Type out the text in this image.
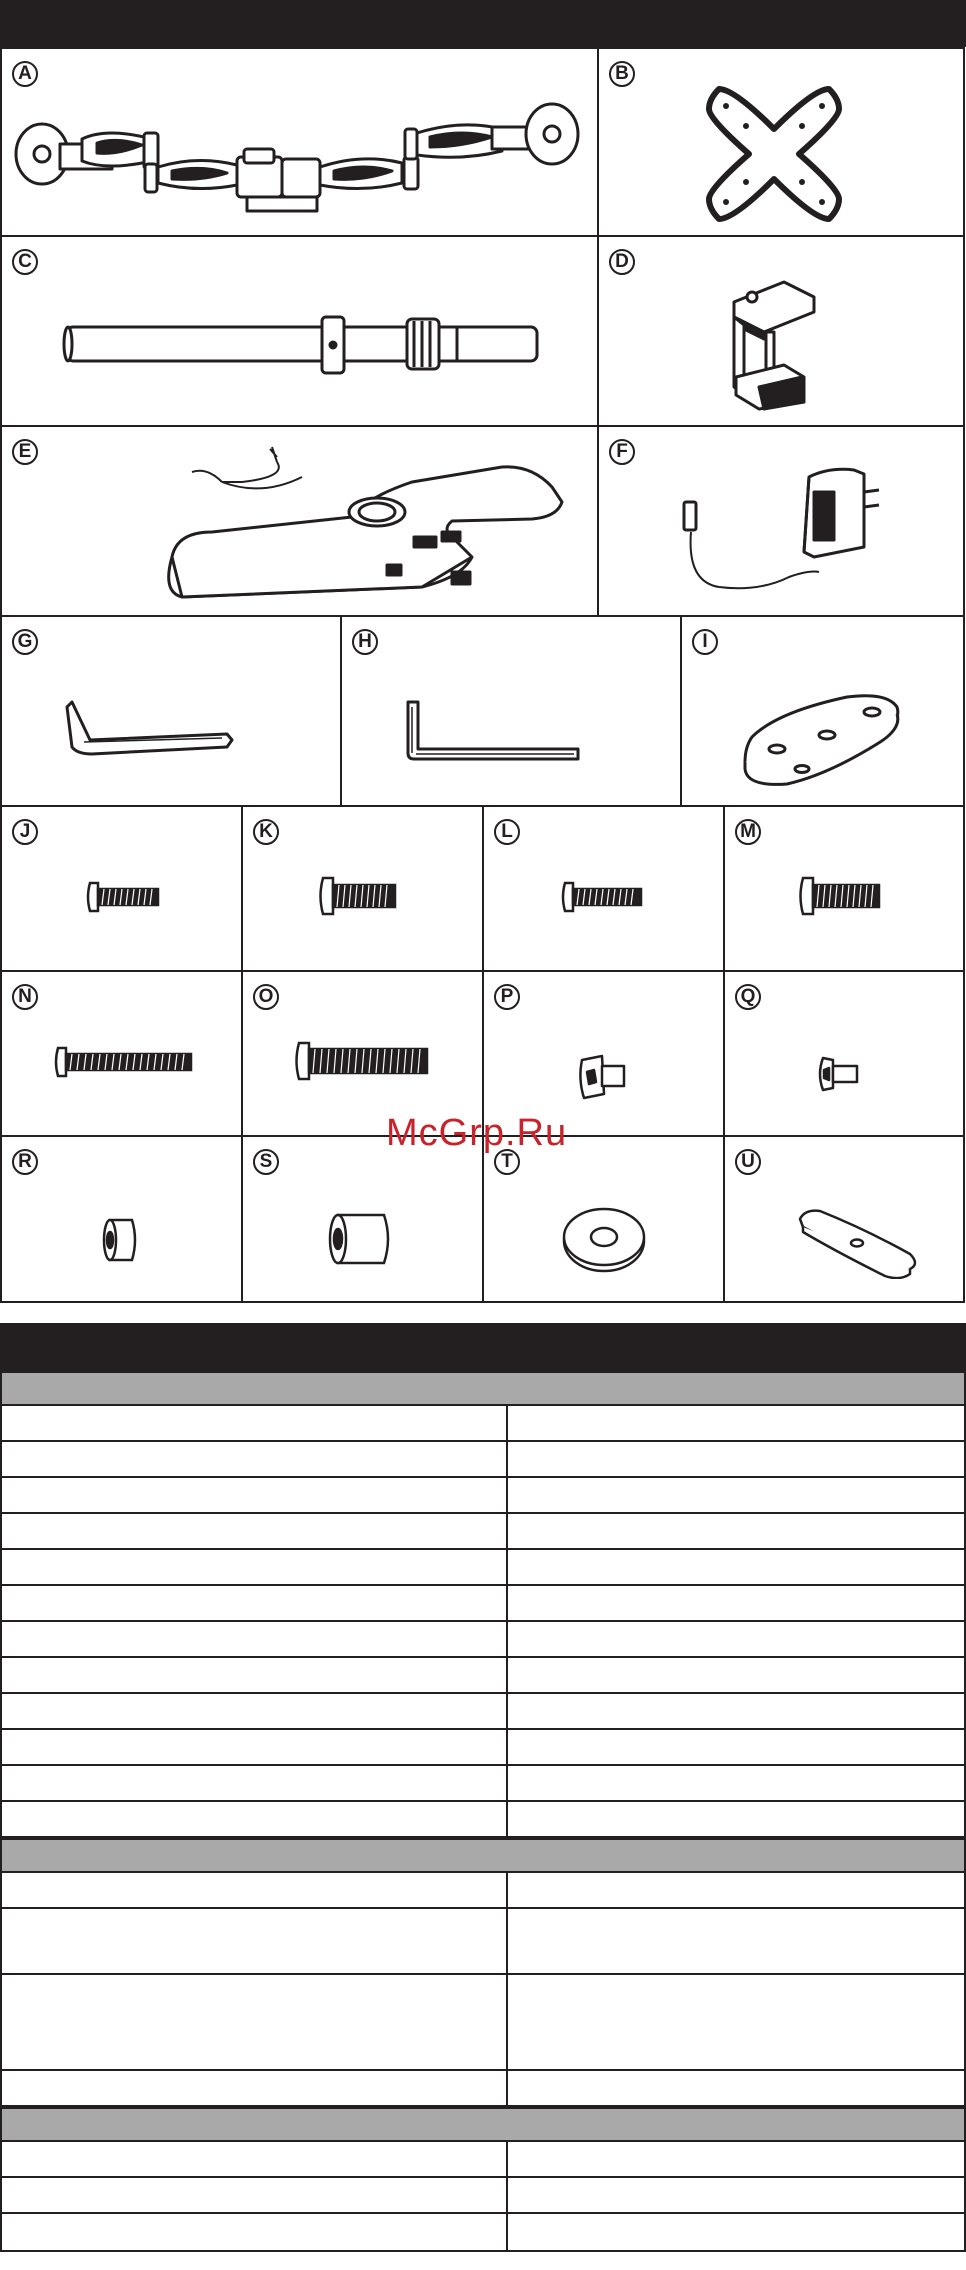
A	B
C	D
E	F
G	H	I
J	K	L	M
N	O	P	Q
R	S	T	U
McGrp.Ru
